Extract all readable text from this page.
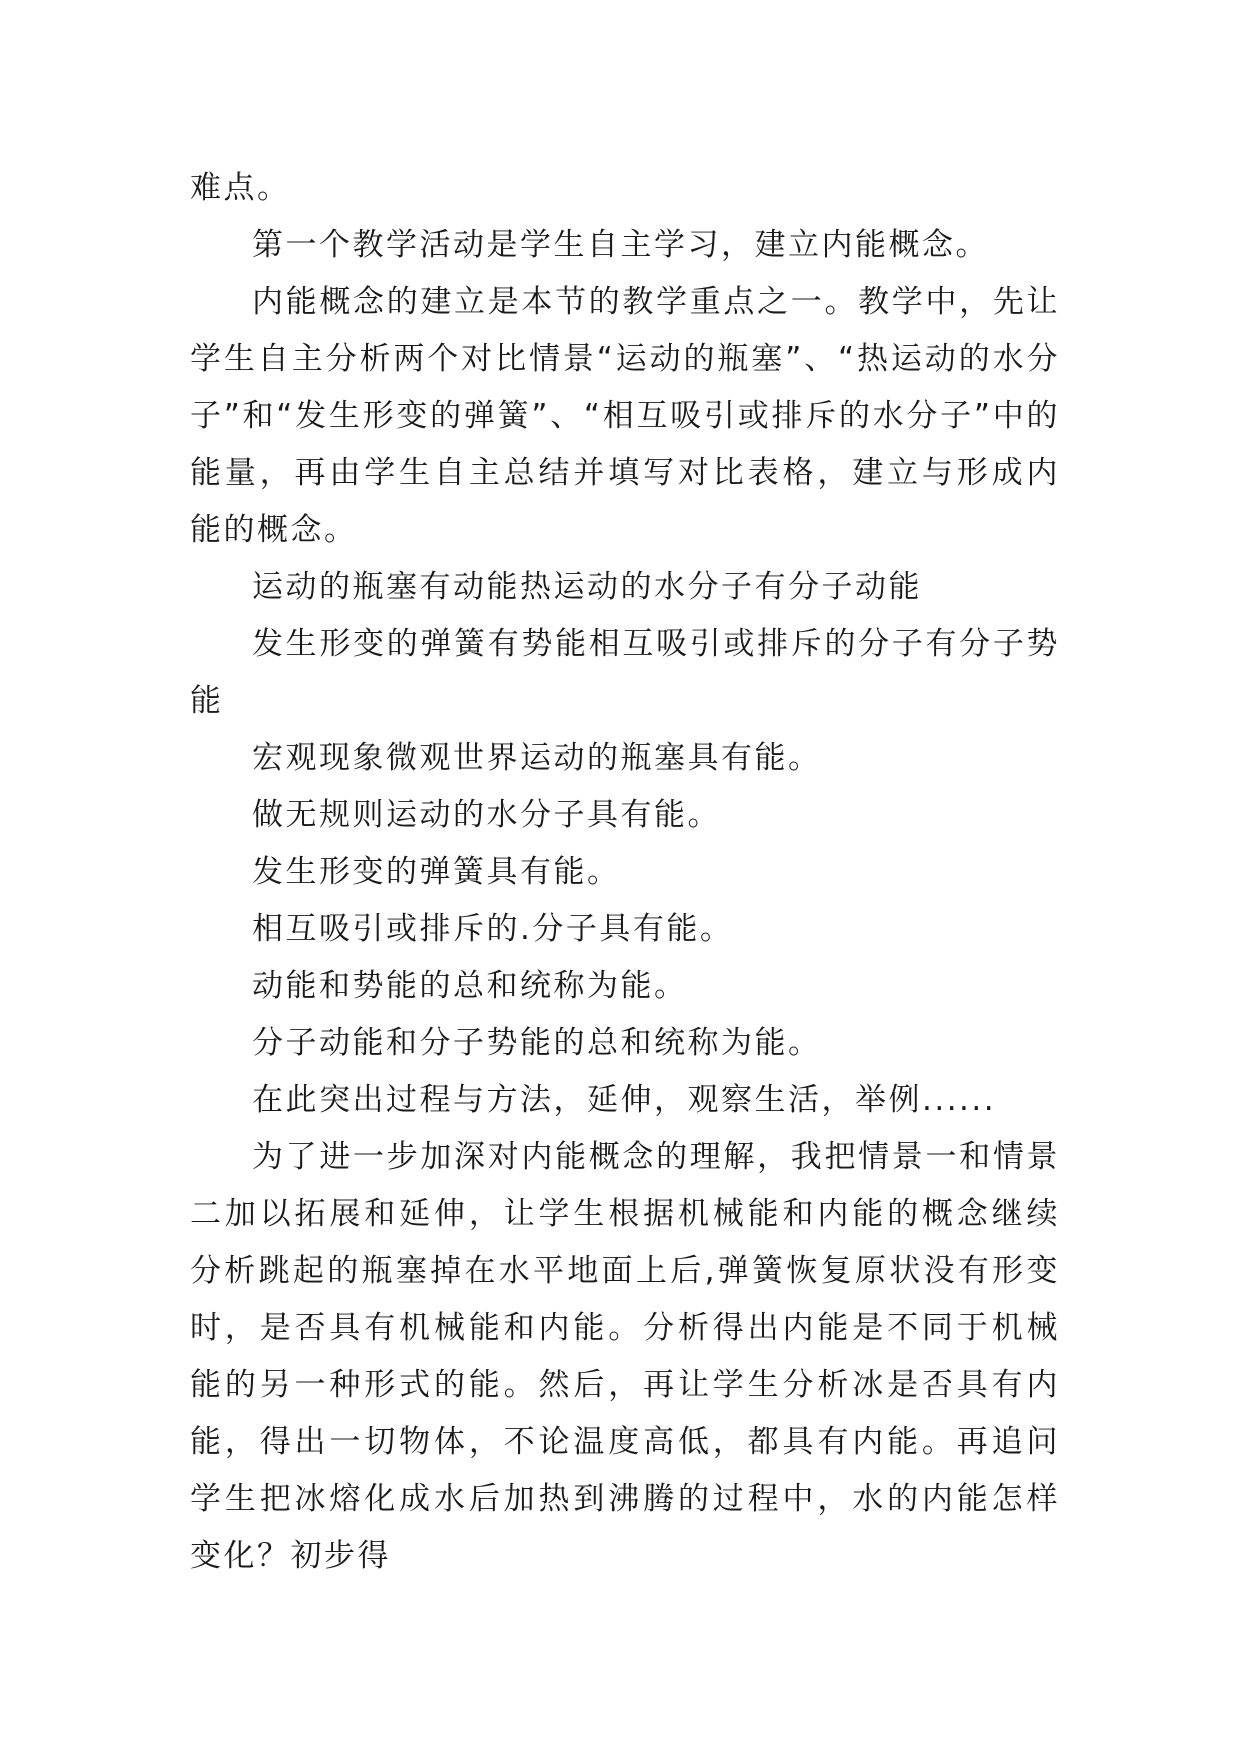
难点。

第一个教学活动是学生自主学习，建立内能概念。

内能概念的建立是本节的教学重点之一。教学中，先让学生自主分析两个对比情景“运动的瓶塞”、“热运动的水分子”和“发生形变的弹簧”、“相互吸引或排斥的水分子”中的能量，再由学生自主总结并填写对比表格，建立与形成内能的概念。

运动的瓶塞有动能热运动的水分子有分子动能

发生形变的弹簧有势能相互吸引或排斥的分子有分子势能

宏观现象微观世界运动的瓶塞具有能。

做无规则运动的水分子具有能。

发生形变的弹簧具有能。

相互吸引或排斥的.分子具有能。

动能和势能的总和统称为能。

分子动能和分子势能的总和统称为能。

在此突出过程与方法，延伸，观察生活，举例......

为了进一步加深对内能概念的理解，我把情景一和情景二加以拓展和延伸，让学生根据机械能和内能的概念继续分析跳起的瓶塞掉在水平地面上后,弹簧恢复原状没有形变时，是否具有机械能和内能。分析得出内能是不同于机械能的另一种形式的能。然后，再让学生分析冰是否具有内能，得出一切物体，不论温度高低，都具有内能。再追问学生把冰熔化成水后加热到沸腾的过程中，水的内能怎样变化？初步得
